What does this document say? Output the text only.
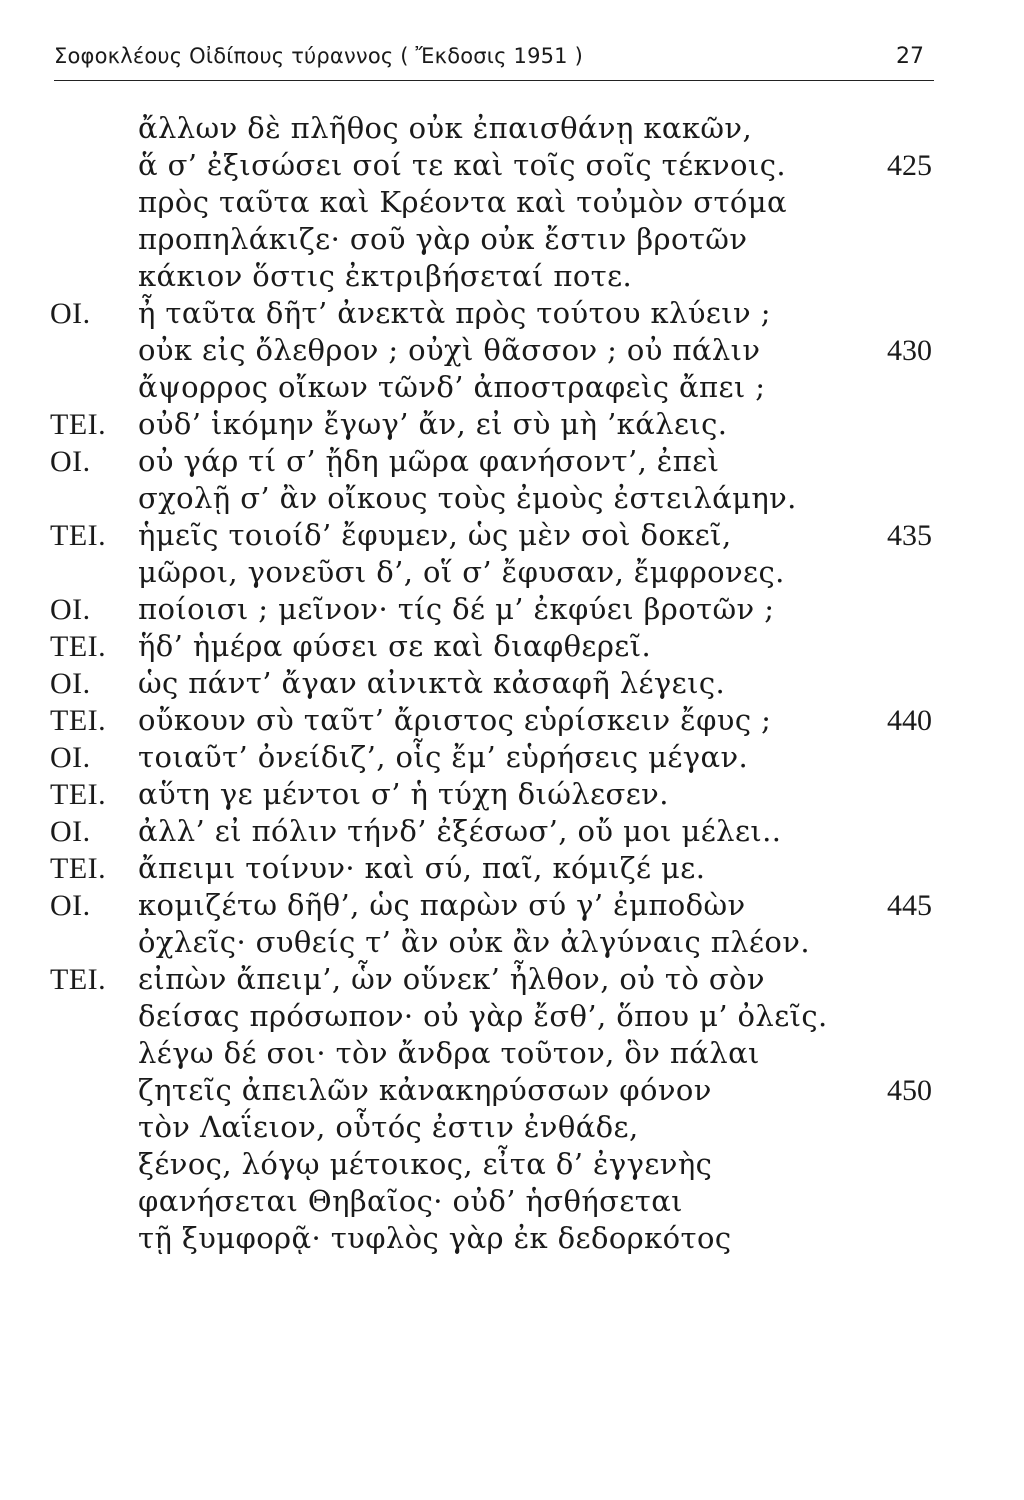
Σοφοκλέους Οἰδίπους τύραννος ( Ἔκδοσις 1951 )	27
ἄλλων δὲ πλῆθος οὐκ ἐπαισθάνῃ κακῶν,
ἅ σ’ ἐξισώσει σοί τε καὶ τοῖς σοῖς τέκνοις.	425
πρὸς ταῦτα καὶ Κρέοντα καὶ τοὐμὸν στόμα
προπηλάκιζε· σοῦ γὰρ οὐκ ἔστιν βροτῶν
κάκιον ὅστις ἐκτριβήσεταί ποτε.
ΟΙ. ἦ ταῦτα δῆτ’ ἀνεκτὰ πρὸς τούτου κλύειν ;
οὐκ εἰς ὄλεθρον ; οὐχὶ θᾶσσον ; οὐ πάλιν	430
ἄψορρος οἴκων τῶνδ’ ἀποστραφεὶς ἄπει ;
ΤΕΙ. οὐδ’ ἱκόμην ἔγωγ’ ἄν, εἰ σὺ μὴ ’κάλεις.
ΟΙ. οὐ γάρ τί σ’ ᾔδη μῶρα φανήσοντ’, ἐπεὶ
σχολῇ σ’ ἂν οἴκους τοὺς ἐμοὺς ἐστειλάμην.
ΤΕΙ. ἡμεῖς τοιοίδ’ ἔφυμεν, ὡς μὲν σοὶ δοκεῖ,	435
μῶροι, γονεῦσι δ’, οἵ σ’ ἔφυσαν, ἔμφρονες.
ΟΙ. ποίοισι ; μεῖνον· τίς δέ μ’ ἐκφύει βροτῶν ;
ΤΕΙ. ἥδ’ ἡμέρα φύσει σε καὶ διαφθερεῖ.
ΟΙ. ὡς πάντ’ ἄγαν αἰνικτὰ κἀσαφῆ λέγεις.
ΤΕΙ. οὔκουν σὺ ταῦτ’ ἄριστος εὑρίσκειν ἔφυς ;	440
ΟΙ. τοιαῦτ’ ὀνείδιζ’, οἷς ἔμ’ εὑρήσεις μέγαν.
ΤΕΙ. αὕτη γε μέντοι σ’ ἡ τύχη διώλεσεν.
ΟΙ. ἀλλ’ εἰ πόλιν τήνδ’ ἐξέσωσ’, οὔ μοι μέλει..
ΤΕΙ. ἄπειμι τοίνυν· καὶ σύ, παῖ, κόμιζέ με.
ΟΙ. κομιζέτω δῆθ’, ὡς παρὼν σύ γ’ ἐμποδὼν	445
ὀχλεῖς· συθείς τ’ ἂν οὐκ ἂν ἀλγύναις πλέον.
ΤΕΙ. εἰπὼν ἄπειμ’, ὧν οὕνεκ’ ἦλθον, οὐ τὸ σὸν
δείσας πρόσωπον· οὐ γὰρ ἔσθ’, ὅπου μ’ ὀλεῖς.
λέγω δέ σοι· τὸν ἄνδρα τοῦτον, ὃν πάλαι
ζητεῖς ἀπειλῶν κἀνακηρύσσων φόνον	450
τὸν Λαΐειον, οὗτός ἐστιν ἐνθάδε,
ξένος, λόγῳ μέτοικος, εἶτα δ’ ἐγγενὴς
φανήσεται Θηβαῖος· οὐδ’ ἡσθήσεται
τῇ ξυμφορᾷ· τυφλὸς γὰρ ἐκ δεδορκότος
